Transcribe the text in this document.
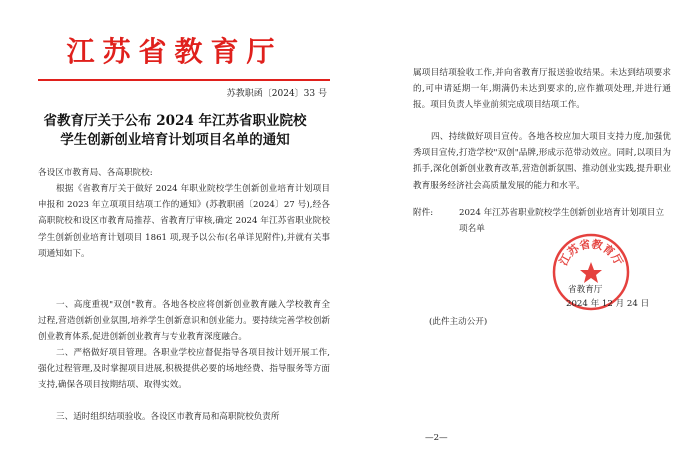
江苏省教育厅
苏教职函〔2024〕33 号
省教育厅关于公布 2024 年江苏省职业院校
学生创新创业培育计划项目名单的通知
各设区市教育局、各高职院校:
根据《省教育厅关于做好 2024 年职业院校学生创新创业培育计划项目申报和 2023 年立项项目结项工作的通知》(苏教职函〔2024〕27 号),经各高职院校和设区市教育局推荐、省教育厅审核,确定 2024 年江苏省职业院校学生创新创业培育计划项目 1861 项,现予以公布(名单详见附件),并就有关事项通知如下。
一、高度重视"双创"教育。各地各校应将创新创业教育融入学校教育全过程,营造创新创业氛围,培养学生创新意识和创业能力。要持续完善学校创新创业教育体系,促进创新创业教育与专业教育深度融合。
二、严格做好项目管理。各职业学校应督促指导各项目按计划开展工作,强化过程管理,及时掌握项目进展,积极提供必要的场地经费、指导服务等方面支持,确保各项目按期结项、取得实效。
三、适时组织结项验收。各设区市教育局和高职院校负责所
属项目结项验收工作,并向省教育厅报送验收结果。未达到结项要求的,可申请延期一年,期满仍未达到要求的,应作撤项处理,并进行通报。项目负责人毕业前须完成项目结项工作。
四、持续做好项目宣传。各地各校应加大项目支持力度,加强优秀项目宣传,打造学校"双创"品牌,形成示范带动效应。同时,以项目为抓手,深化创新创业教育改革,营造创新氛围、推动创业实践,提升职业教育服务经济社会高质量发展的能力和水平。
附件:	2024 年江苏省职业院校学生创新创业培育计划项目立项名单
江苏省教育厅
省教育厅
2024 年 12 月 24 日
(此件主动公开)
—2—
